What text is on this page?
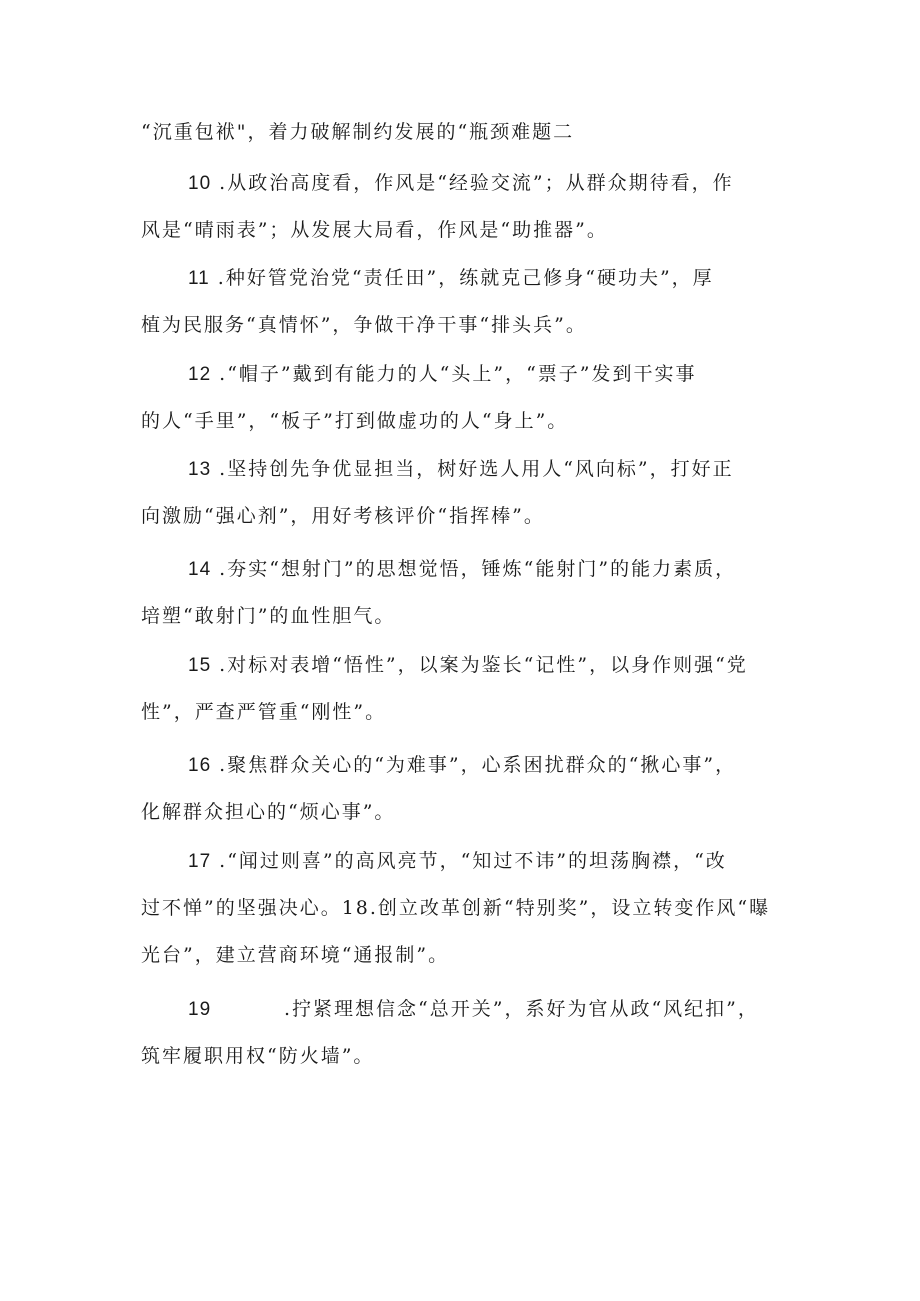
“沉重包袱"，着力破解制约发展的“瓶颈难题二
10 .从政治高度看，作风是“经验交流”；从群众期待看，作
风是“晴雨表”；从发展大局看，作风是“助推器”。
11 .种好管党治党“责任田”，练就克己修身“硬功夫”，厚
植为民服务“真情怀”，争做干净干事“排头兵”。
12 .“帽子”戴到有能力的人“头上”，“票子”发到干实事
的人“手里”，“板子”打到做虚功的人“身上”。
13 .坚持创先争优显担当，树好选人用人“风向标”，打好正
向激励“强心剂”，用好考核评价“指挥棒”。
14 .夯实“想射门”的思想觉悟，锤炼“能射门”的能力素质，
培塑“敢射门”的血性胆气。
15 .对标对表增“悟性”，以案为鉴长“记性”，以身作则强“党
性”，严查严管重“刚性”。
16 .聚焦群众关心的“为难事”，心系困扰群众的“揪心事”，
化解群众担心的“烦心事”。
17 .“闻过则喜”的高风亮节，“知过不讳”的坦荡胸襟，“改
过不惮”的坚强决心。18.创立改革创新“特别奖”，设立转变作风“曝
光台”，建立营商环境“通报制”。
19	.拧紧理想信念“总开关”，系好为官从政“风纪扣”，
筑牢履职用权“防火墙”。
